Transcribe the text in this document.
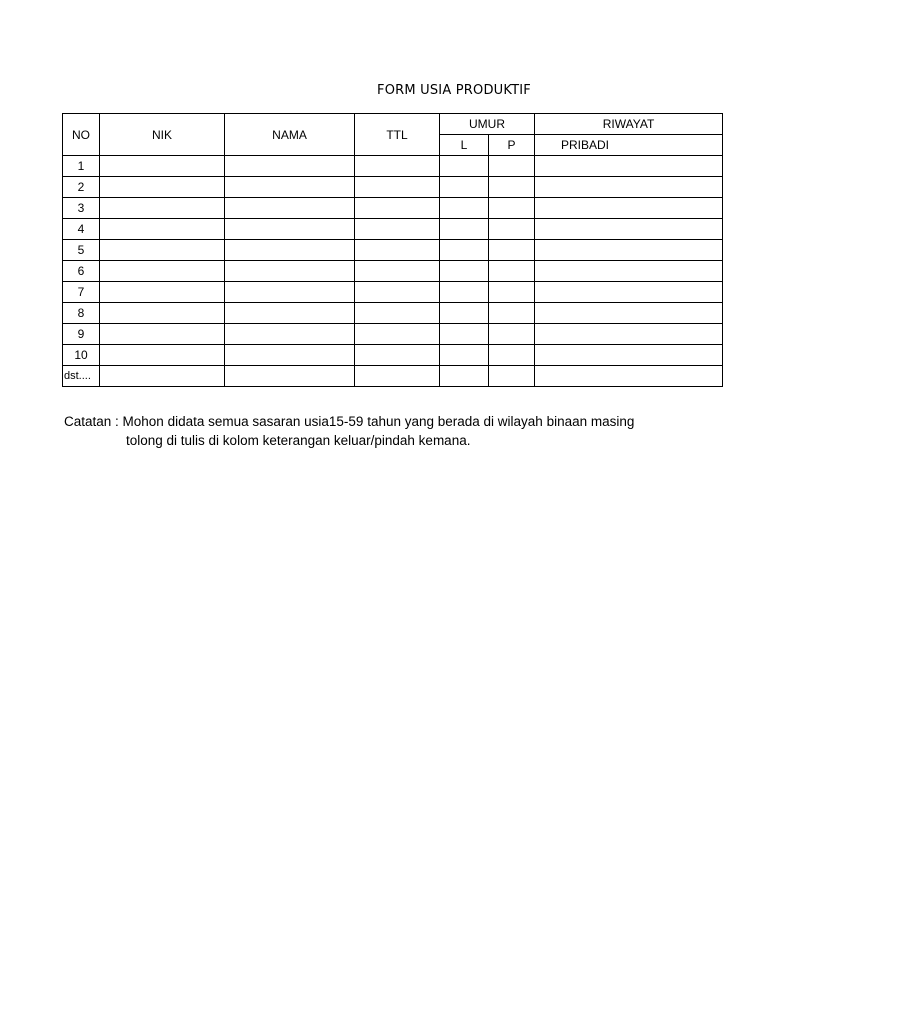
FORM USIA PRODUKTIF
NO	NIK	NAMA	TTL	UMUR		RIWAYAT
				L	P	PRIBADI
1						
2						
3						
4						
5						
6						
7						
8						
9						
10						
dst....						
Catatan : Mohon didata semua sasaran usia15-59 tahun yang berada di wilayah binaan masing
tolong di tulis di kolom keterangan keluar/pindah kemana.
